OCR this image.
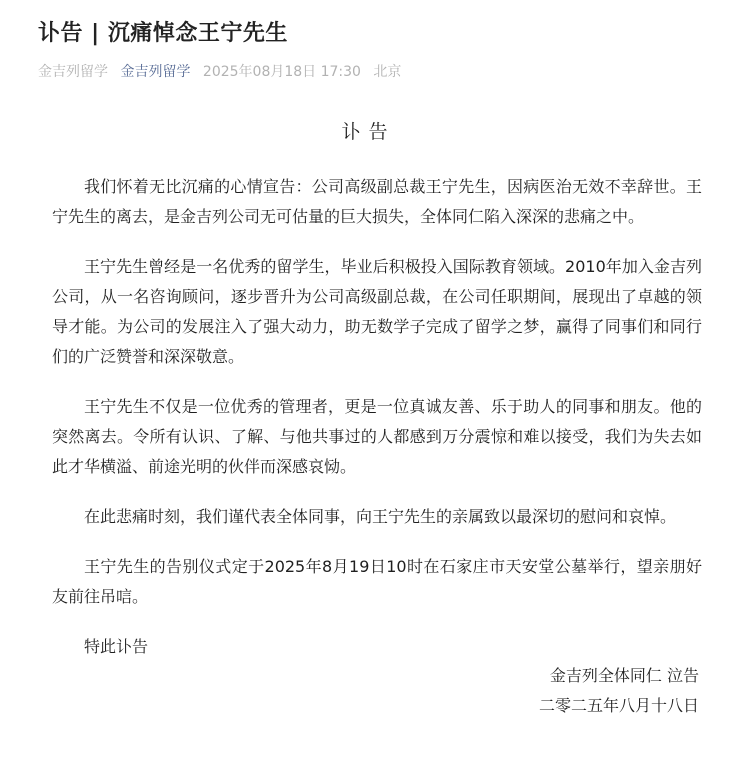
讣告 | 沉痛悼念王宁先生
金吉列留学 金吉列留学 2025年08月18日 17:30 北京
讣告

我们怀着无比沉痛的心情宣告：公司高级副总裁王宁先生，因病医治无效不幸辞世。王宁先生的离去，是金吉列公司无可估量的巨大损失，全体同仁陷入深深的悲痛之中。

王宁先生曾经是一名优秀的留学生，毕业后积极投入国际教育领域。2010年加入金吉列公司，从一名咨询顾问，逐步晋升为公司高级副总裁，在公司任职期间，展现出了卓越的领导才能。为公司的发展注入了强大动力，助无数学子完成了留学之梦，赢得了同事们和同行们的广泛赞誉和深深敬意。

王宁先生不仅是一位优秀的管理者，更是一位真诚友善、乐于助人的同事和朋友。他的突然离去。令所有认识、了解、与他共事过的人都感到万分震惊和难以接受，我们为失去如此才华横溢、前途光明的伙伴而深感哀恸。

在此悲痛时刻，我们谨代表全体同事，向王宁先生的亲属致以最深切的慰问和哀悼。

王宁先生的告别仪式定于2025年8月19日10时在石家庄市天安堂公墓举行，望亲朋好友前往吊唁。

特此讣告

金吉列全体同仁 泣告
二零二五年八月十八日
